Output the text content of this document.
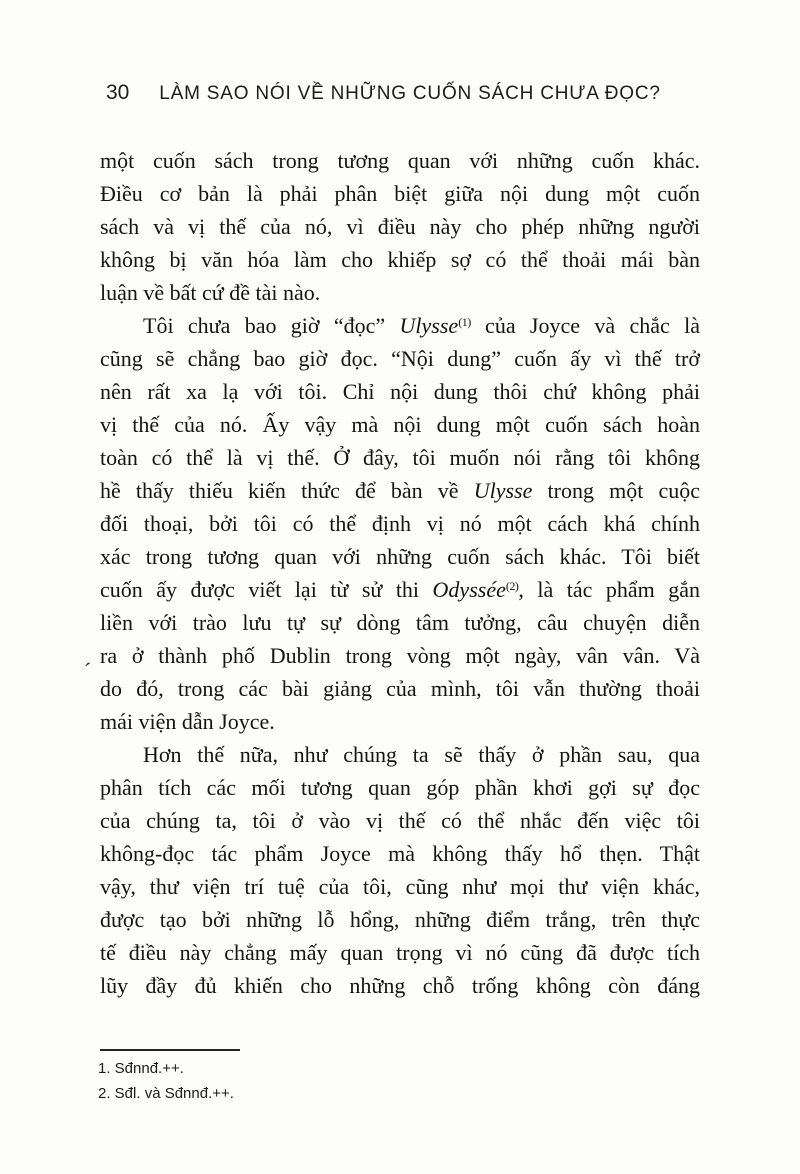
30	LÀM SAO NÓI VỀ NHỮNG CUỐN SÁCH CHƯA ĐỌC?
một cuốn sách trong tương quan với những cuốn khác.
Điều cơ bản là phải phân biệt giữa nội dung một cuốn
sách và vị thế của nó, vì điều này cho phép những người
không bị văn hóa làm cho khiếp sợ có thể thoải mái bàn
luận về bất cứ đề tài nào.
Tôi chưa bao giờ “đọc” Ulysse$^{(1)}$ của Joyce và chắc là
cũng sẽ chẳng bao giờ đọc. “Nội dung” cuốn ấy vì thế trở
nên rất xa lạ với tôi. Chỉ nội dung thôi chứ không phải
vị thế của nó. Ấy vậy mà nội dung một cuốn sách hoàn
toàn có thể là vị thế. Ở đây, tôi muốn nói rằng tôi không
hề thấy thiếu kiến thức để bàn về Ulysse trong một cuộc
đối thoại, bởi tôi có thể định vị nó một cách khá chính
xác trong tương quan với những cuốn sách khác. Tôi biết
cuốn ấy được viết lại từ sử thi Odyssée$^{(2)}$, là tác phẩm gắn
liền với trào lưu tự sự dòng tâm tưởng, câu chuyện diễn
ra ở thành phố Dublin trong vòng một ngày, vân vân. Và
do đó, trong các bài giảng của mình, tôi vẫn thường thoải
mái viện dẫn Joyce.
Hơn thế nữa, như chúng ta sẽ thấy ở phần sau, qua
phân tích các mối tương quan góp phần khơi gợi sự đọc
của chúng ta, tôi ở vào vị thế có thể nhắc đến việc tôi
không-đọc tác phẩm Joyce mà không thấy hổ thẹn. Thật
vậy, thư viện trí tuệ của tôi, cũng như mọi thư viện khác,
được tạo bởi những lỗ hổng, những điểm trắng, trên thực
tế điều này chẳng mấy quan trọng vì nó cũng đã được tích
lũy đầy đủ khiến cho những chỗ trống không còn đáng
´
1. Sđnnđ.++.
2. Sđl. và Sđnnđ.++.
